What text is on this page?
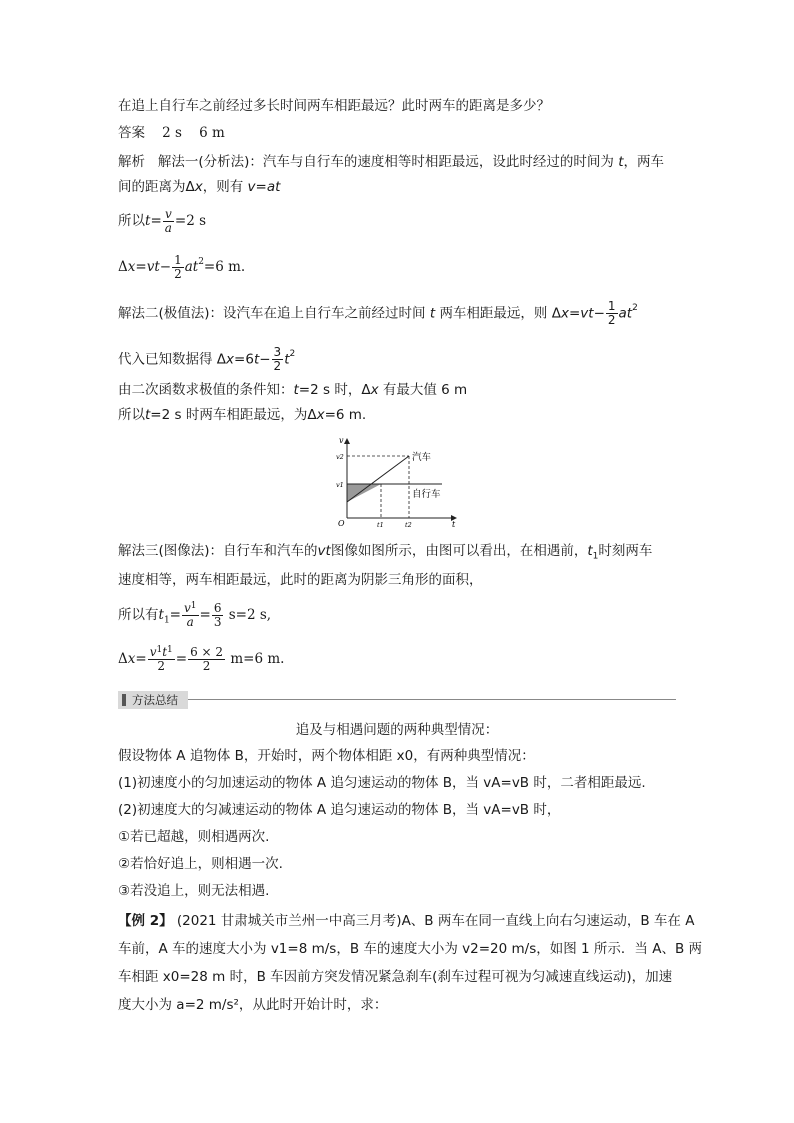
在追上自行车之前经过多长时间两车相距最远？此时两车的距离是多少？
答案 2 s 6 m
解析 解法一(分析法)：汽车与自行车的速度相等时相距最远，设此时经过的时间为 t，两车
间的距离为Δx，则有 v=at
所以$t= \frac{v}{a} =2$ s
$\Delta x=vt- \frac{1}{2} at^2=6$ m.
解法二(极值法)：设汽车在追上自行车之前经过时间 t 两车相距最远，则 $\Delta x=vt- \frac{1}{2} at^2$
代入已知数据得 $\Delta x=6t- \frac{3}{2} t^2$
由二次函数求极值的条件知：t=2 s 时，Δx 有最大值 6 m
所以t=2 s 时两车相距最远，为Δx=6 m.
v
t
O
v2
v1
t1	t2
汽车
自行车
解法三(图像法)：自行车和汽车的vt图像如图所示，由图可以看出，在相遇前，$t_1$时刻两车
速度相等，两车相距最远，此时的距离为阴影三角形的面积，
所以有$t_1= \frac{v^1}{a} = \frac{6}{3} s=2$ s,
$\Delta x= \frac{v^1t^1}{2} = \frac{6 \times 2}{2} m=6$ m.
方法总结
追及与相遇问题的两种典型情况：
假设物体 A 追物体 B，开始时，两个物体相距 x0，有两种典型情况：
(1)初速度小的匀加速运动的物体 A 追匀速运动的物体 B，当 vA=vB 时，二者相距最远.
(2)初速度大的匀减速运动的物体 A 追匀速运动的物体 B，当 vA=vB 时，
①若已超越，则相遇两次.
②若恰好追上，则相遇一次.
③若没追上，则无法相遇.
【例 2】 (2021 甘肃城关市兰州一中高三月考)A、B 两车在同一直线上向右匀速运动，B 车在 A
车前，A 车的速度大小为 v1=8 m/s，B 车的速度大小为 v2=20 m/s，如图 1 所示．当 A、B 两
车相距 x0=28 m 时，B 车因前方突发情况紧急刹车(刹车过程可视为匀减速直线运动)，加速
度大小为 a=2 m/s²，从此时开始计时，求：
